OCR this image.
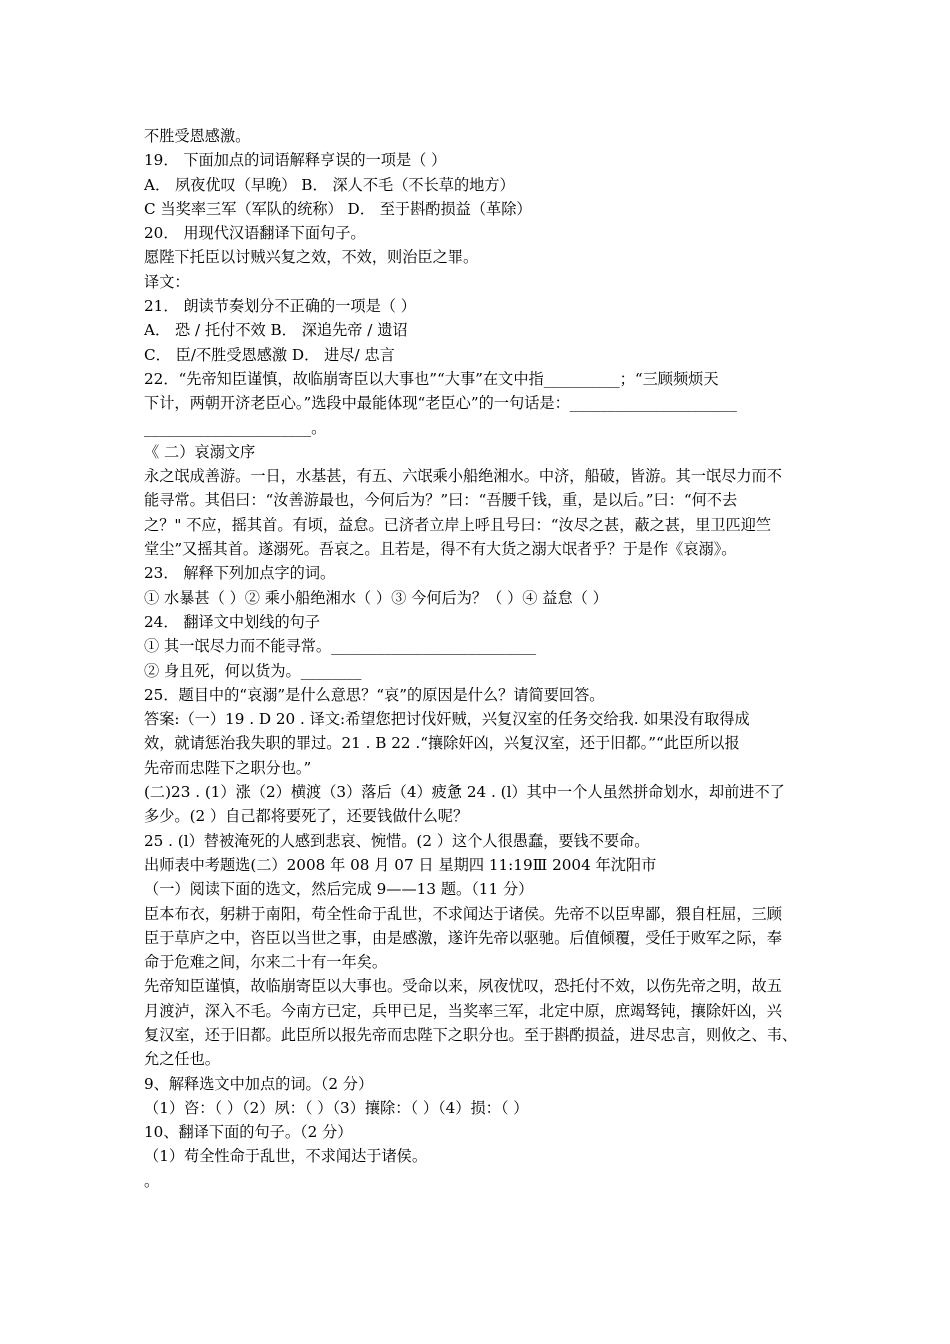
不胜受恩感激。
19． 下面加点的词语解释亨误的一项是（ ）
A． 夙夜优叹（早晚） B． 深人不毛（不长草的地方）
C 当奖率三军（军队的统称） D． 至于斟酌损益（革除）
20． 用现代汉语翻译下面句子。
愿陛下托臣以讨贼兴复之效，不效，则治臣之罪。
译文：
21． 朗读节奏划分不正确的一项是（ ）
A． 恐 / 托付不效 B． 深追先帝 / 遗诏
C． 臣/不胜受恩感激 D． 进尽/ 忠言
22．“先帝知臣谨慎，故临崩寄臣以大事也”“大事”在文中指__________；“三顾频烦天
下计，两朝开济老臣心。”选段中最能体现“老臣心”的一句话是：______________________
______________________。
《 二）哀溺文序
永之氓成善游。一日，水基甚，有五、六氓乘小船绝湘水。中济，船破，皆游。其一氓尽力而不
能寻常。其侣曰：“汝善游最也，今何后为？”曰：“吾腰千钱，重，是以后。”曰：“何不去
之？" 不应，摇其首。有顷，益怠。已济者立岸上呼且号曰：“汝尽之甚，蔽之甚，里卫匹迎竺
堂尘”又摇其首。遂溺死。吾哀之。且若是，得不有大货之溺大氓者乎？于是作《哀溺》。
23． 解释下列加点字的词。
① 水暴甚（ ）② 乘小船绝湘水（ ）③ 今何后为？（ ）④ 益怠（ ）
24． 翻译文中划线的句子
① 其一氓尽力而不能寻常。___________________________
② 身且死，何以货为。________
25．题目中的“哀溺”是什么意思？“哀”的原因是什么？请简要回答。
答案:（一）19 . D 20 . 译文:希望您把讨伐奸贼，兴复汉室的任务交给我. 如果没有取得成
效，就请惩治我失职的罪过。21 . B 22 .“攘除奸凶，兴复汉室，还于旧都。”“此臣所以报
先帝而忠陛下之职分也。”
(二)23 . (1）涨（2）横渡（3）落后（4）疲惫 24 . (l）其中一个人虽然拼命划水，却前进不了
多少。(2 ）自己都将要死了，还要钱做什么呢？
25 . (l）替被淹死的人感到悲哀、惋惜。(2 ）这个人很愚蠢，要钱不要命。
出师表中考题选(二）2008 年 08 月 07 日 星期四 11:19Ⅲ 2004 年沈阳市
（一）阅读下面的选文，然后完成 9——13 题。（11 分）
臣本布衣，躬耕于南阳，苟全性命于乱世，不求闻达于诸侯。先帝不以臣卑鄙，猥自枉屈，三顾
臣于草庐之中，咨臣以当世之事，由是感激，遂许先帝以驱驰。后值倾覆，受任于败军之际，奉
命于危难之间，尔来二十有一年矣。
先帝知臣谨慎，故临崩寄臣以大事也。受命以来，夙夜忧叹，恐托付不效，以伤先帝之明，故五
月渡泸，深入不毛。今南方已定，兵甲已足，当奖率三军，北定中原，庶竭驽钝，攘除奸凶，兴
复汉室，还于旧都。此臣所以报先帝而忠陛下之职分也。至于斟酌损益，进尽忠言，则攸之、韦、
允之任也。
9、解释选文中加点的词。（2 分）
（1）咨：（ ）（2）夙：（ ）（3）攘除：（ ）（4）损：（ ）
10、翻译下面的句子。（2 分）
（1）苟全性命于乱世，不求闻达于诸侯。
。
